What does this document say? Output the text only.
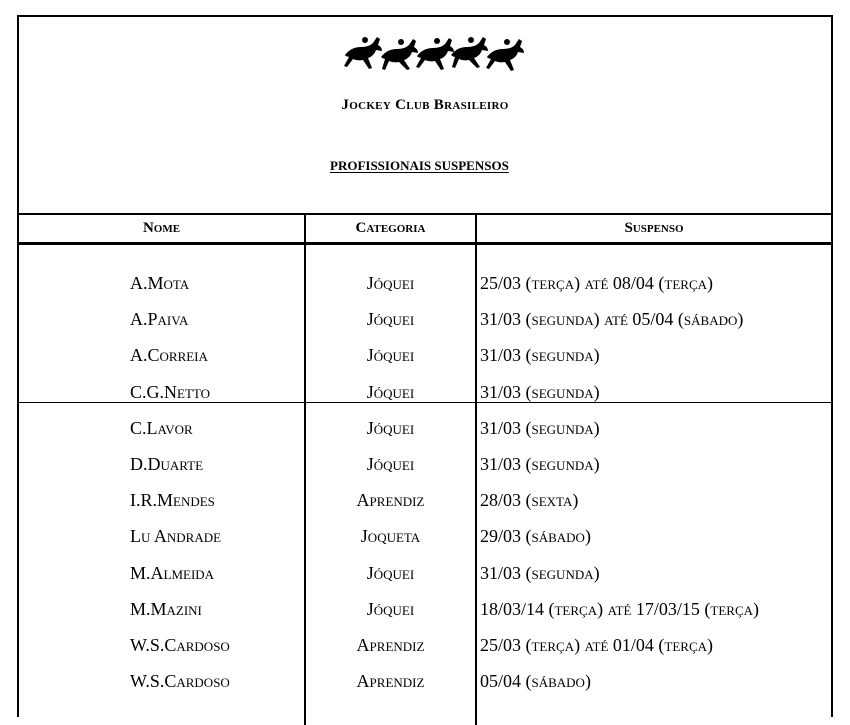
Jockey Club Brasileiro
PROFISSIONAIS SUSPENSOS
Nome	Categoria	Suspenso
A.Mota	Jóquei	25/03 (terça) até 08/04 (terça)
A.Paiva	Jóquei	31/03 (segunda) até 05/04 (sábado)
A.Correia	Jóquei	31/03 (segunda)
C.G.Netto	Jóquei	31/03 (segunda)
C.Lavor	Jóquei	31/03 (segunda)
D.Duarte	Jóquei	31/03 (segunda)
I.R.Mendes	Aprendiz	28/03 (sexta)
Lu Andrade	Joqueta	29/03 (sábado)
M.Almeida	Jóquei	31/03 (segunda)
M.Mazini	Jóquei	18/03/14 (terça) até 17/03/15 (terça)
W.S.Cardoso	Aprendiz	25/03 (terça) até 01/04 (terça)
W.S.Cardoso	Aprendiz	05/04 (sábado)
